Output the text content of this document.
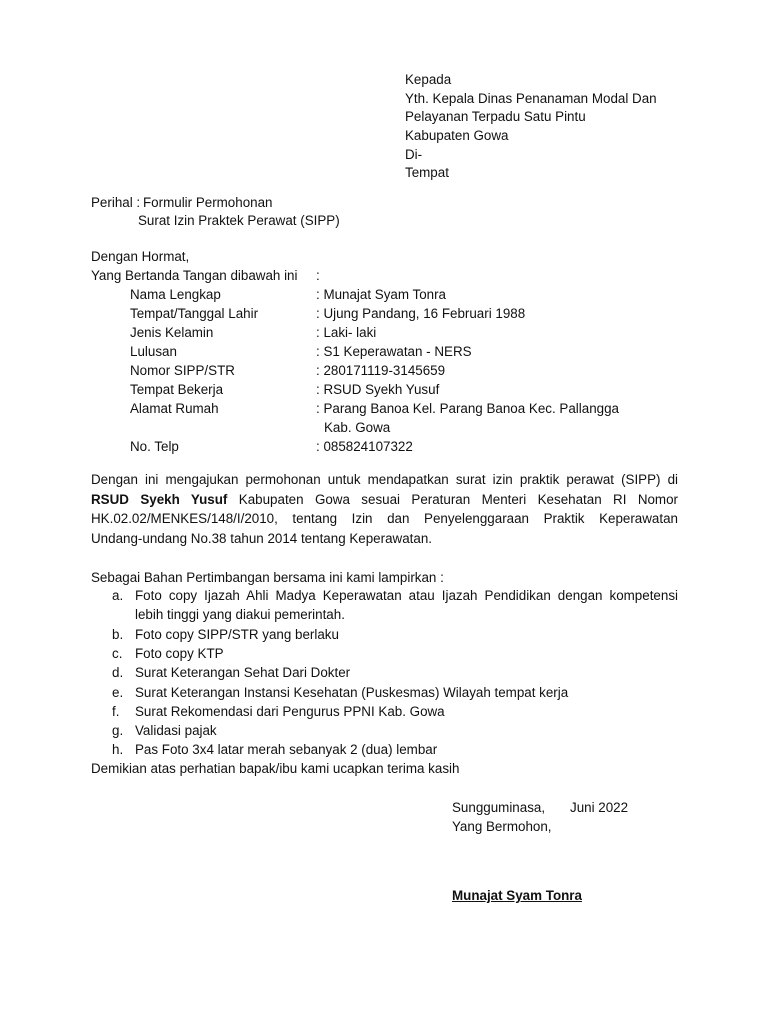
Kepada
Yth. Kepala Dinas Penanaman Modal Dan
Pelayanan Terpadu Satu Pintu
Kabupaten Gowa
Di-
Tempat
Perihal : Formulir Permohonan
Surat Izin Praktek Perawat (SIPP)
Dengan Hormat,
Yang Bertanda Tangan dibawah ini :
Nama Lengkap	: Munajat Syam Tonra
Tempat/Tanggal Lahir	: Ujung Pandang, 16 Februari 1988
Jenis Kelamin	: Laki- laki
Lulusan	: S1 Keperawatan - NERS
Nomor SIPP/STR	: 280171119-3145659
Tempat Bekerja	: RSUD Syekh Yusuf
Alamat Rumah	: Parang Banoa Kel. Parang Banoa Kec. Pallangga
Kab. Gowa
No. Telp	: 085824107322
Dengan ini mengajukan permohonan untuk mendapatkan surat izin praktik perawat (SIPP) di
RSUD Syekh Yusuf Kabupaten Gowa sesuai Peraturan Menteri Kesehatan RI Nomor
HK.02.02/MENKES/148/I/2010, tentang Izin dan Penyelenggaraan Praktik Keperawatan
Undang-undang No.38 tahun 2014 tentang Keperawatan.
Sebagai Bahan Pertimbangan bersama ini kami lampirkan :
a. Foto copy Ijazah Ahli Madya Keperawatan atau Ijazah Pendidikan dengan kompetensi
lebih tinggi yang diakui pemerintah.
b. Foto copy SIPP/STR yang berlaku
c. Foto copy KTP
d. Surat Keterangan Sehat Dari Dokter
e. Surat Keterangan Instansi Kesehatan (Puskesmas) Wilayah tempat kerja
f. Surat Rekomendasi dari Pengurus PPNI Kab. Gowa
g. Validasi pajak
h. Pas Foto 3x4 latar merah sebanyak 2 (dua) lembar
Demikian atas perhatian bapak/ibu kami ucapkan terima kasih
Sungguminasa, Juni 2022
Yang Bermohon,
Munajat Syam Tonra
